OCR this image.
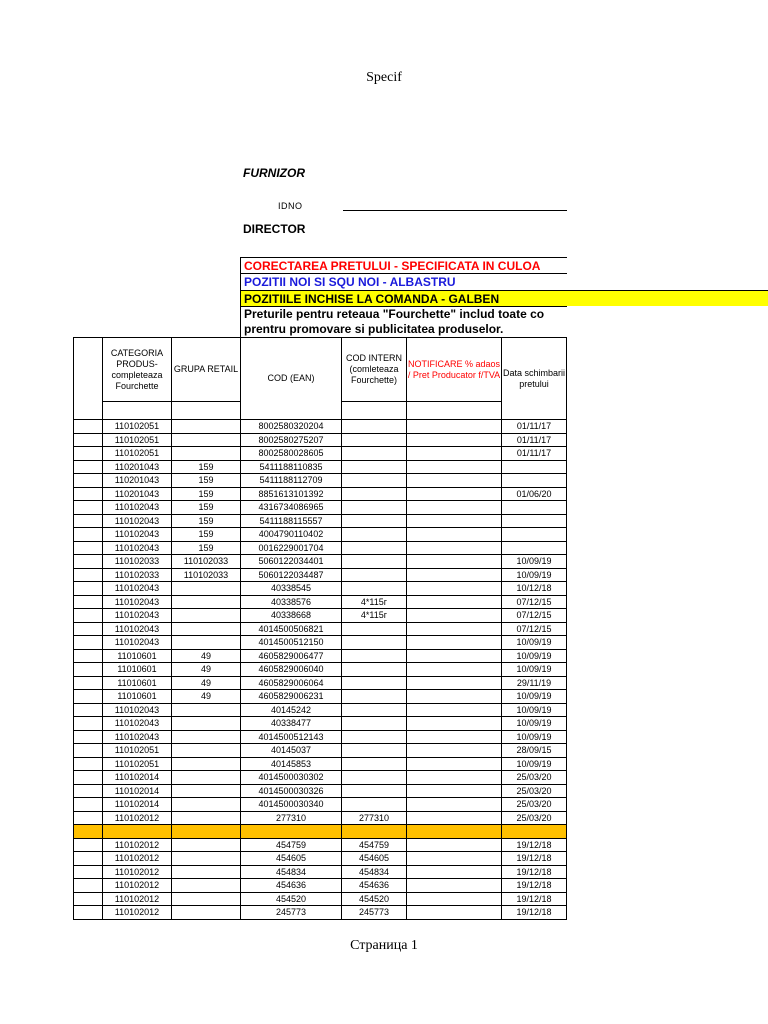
Specif
FURNIZOR
IDNO
DIRECTOR
CORECTAREA PRETULUI - SPECIFICATA IN CULOA
POZITII NOI SI SQU NOI - ALBASTRU
POZITIILE INCHISE LA COMANDA - GALBEN
Preturile pentru reteaua "Fourchette" includ toate co
prentru promovare si publicitatea produselor.
	CATEGORIA PRODUS- completeaza Fourchette	GRUPA RETAIL	COD (EAN)	COD INTERN (comleteaza Fourchette)	NOTIFICARE % adaos / Pret Producator f/TVA	Data schimbarii pretului

	110102051		8002580320204			01/11/17
	110102051		8002580275207			01/11/17
	110102051		8002580028605			01/11/17
	110201043	159	5411188110835			
	110201043	159	5411188112709			
	110201043	159	8851613101392			01/06/20
	110102043	159	4316734086965			
	110102043	159	5411188115557			
	110102043	159	4004790110402			
	110102043	159	0016229001704			
	110102033	110102033	5060122034401			10/09/19
	110102033	110102033	5060122034487			10/09/19
	110102043		40338545			10/12/18
	110102043		40338576	4*115г		07/12/15
	110102043		40338668	4*115г		07/12/15
	110102043		4014500506821			07/12/15
	110102043		4014500512150			10/09/19
	11010601	49	4605829006477			10/09/19
	11010601	49	4605829006040			10/09/19
	11010601	49	4605829006064			29/11/19
	11010601	49	4605829006231			10/09/19
	110102043		40145242			10/09/19
	110102043		40338477			10/09/19
	110102043		4014500512143			10/09/19
	110102051		40145037			28/09/15
	110102051		40145853			10/09/19
	110102014		4014500030302			25/03/20
	110102014		4014500030326			25/03/20
	110102014		4014500030340			25/03/20
	110102012		277310	277310		25/03/20

	110102012		454759	454759		19/12/18
	110102012		454605	454605		19/12/18
	110102012		454834	454834		19/12/18
	110102012		454636	454636		19/12/18
	110102012		454520	454520		19/12/18
	110102012		245773	245773		19/12/18
Страница 1
